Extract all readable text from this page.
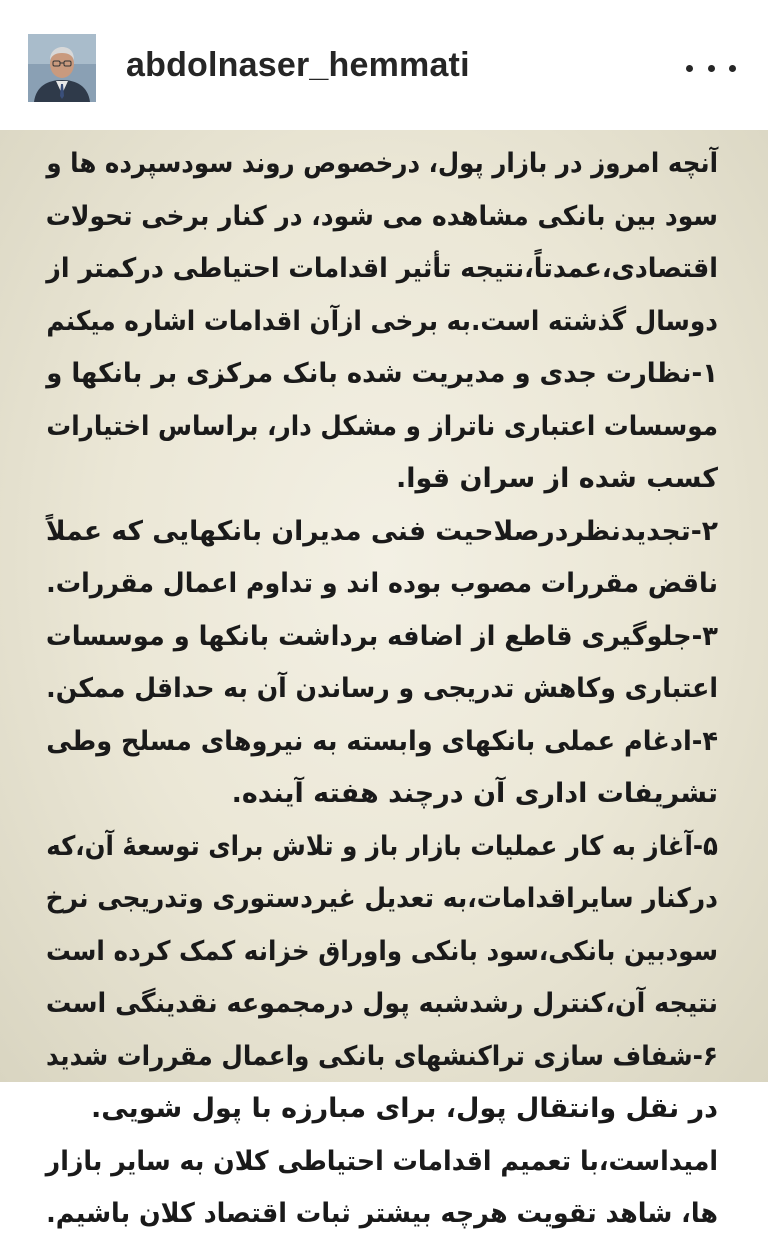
abdolnaser_hemmati
آنچه امروز در بازار پول، درخصوص روند سودسپرده ها و
سود بین بانکی مشاهده می شود، در کنار برخی تحولات
اقتصادی،عمدتاً،نتیجه تأثیر اقدامات احتیاطی درکمتر از
دوسال گذشته است.به برخی ازآن اقدامات اشاره میکنم
۱-نظارت جدی و مدیریت شده بانک مرکزی بر بانکها و
موسسات اعتباری ناتراز و مشکل دار، براساس اختیارات
کسب شده از سران قوا.
۲-تجدیدنظردرصلاحیت فنی مدیران بانکهایی که عملاً
ناقض مقررات مصوب بوده اند و تداوم اعمال مقررات.
۳-جلوگیری قاطع از اضافه برداشت بانکها و موسسات
اعتباری وکاهش تدریجی و رساندن آن به حداقل ممکن.
۴-ادغام عملی بانکهای وابسته به نیروهای مسلح وطی
تشریفات اداری آن درچند هفته آینده.
۵-آغاز به کار عملیات بازار باز و تلاش برای توسعهٔ آن،که
درکنار سایراقدامات،به تعدیل غیردستوری وتدریجی نرخ
سودبین بانکی،سود بانکی واوراق خزانه کمک کرده است
نتیجه آن،کنترل رشدشبه پول درمجموعه نقدینگی است
۶-شفاف سازی تراکنشهای بانکی واعمال مقررات شدید
در نقل وانتقال پول، برای مبارزه با پول شویی.
امیداست،با تعمیم اقدامات احتیاطی کلان به سایر بازار
ها، شاهد تقویت هرچه بیشتر ثبات اقتصاد کلان باشیم.
